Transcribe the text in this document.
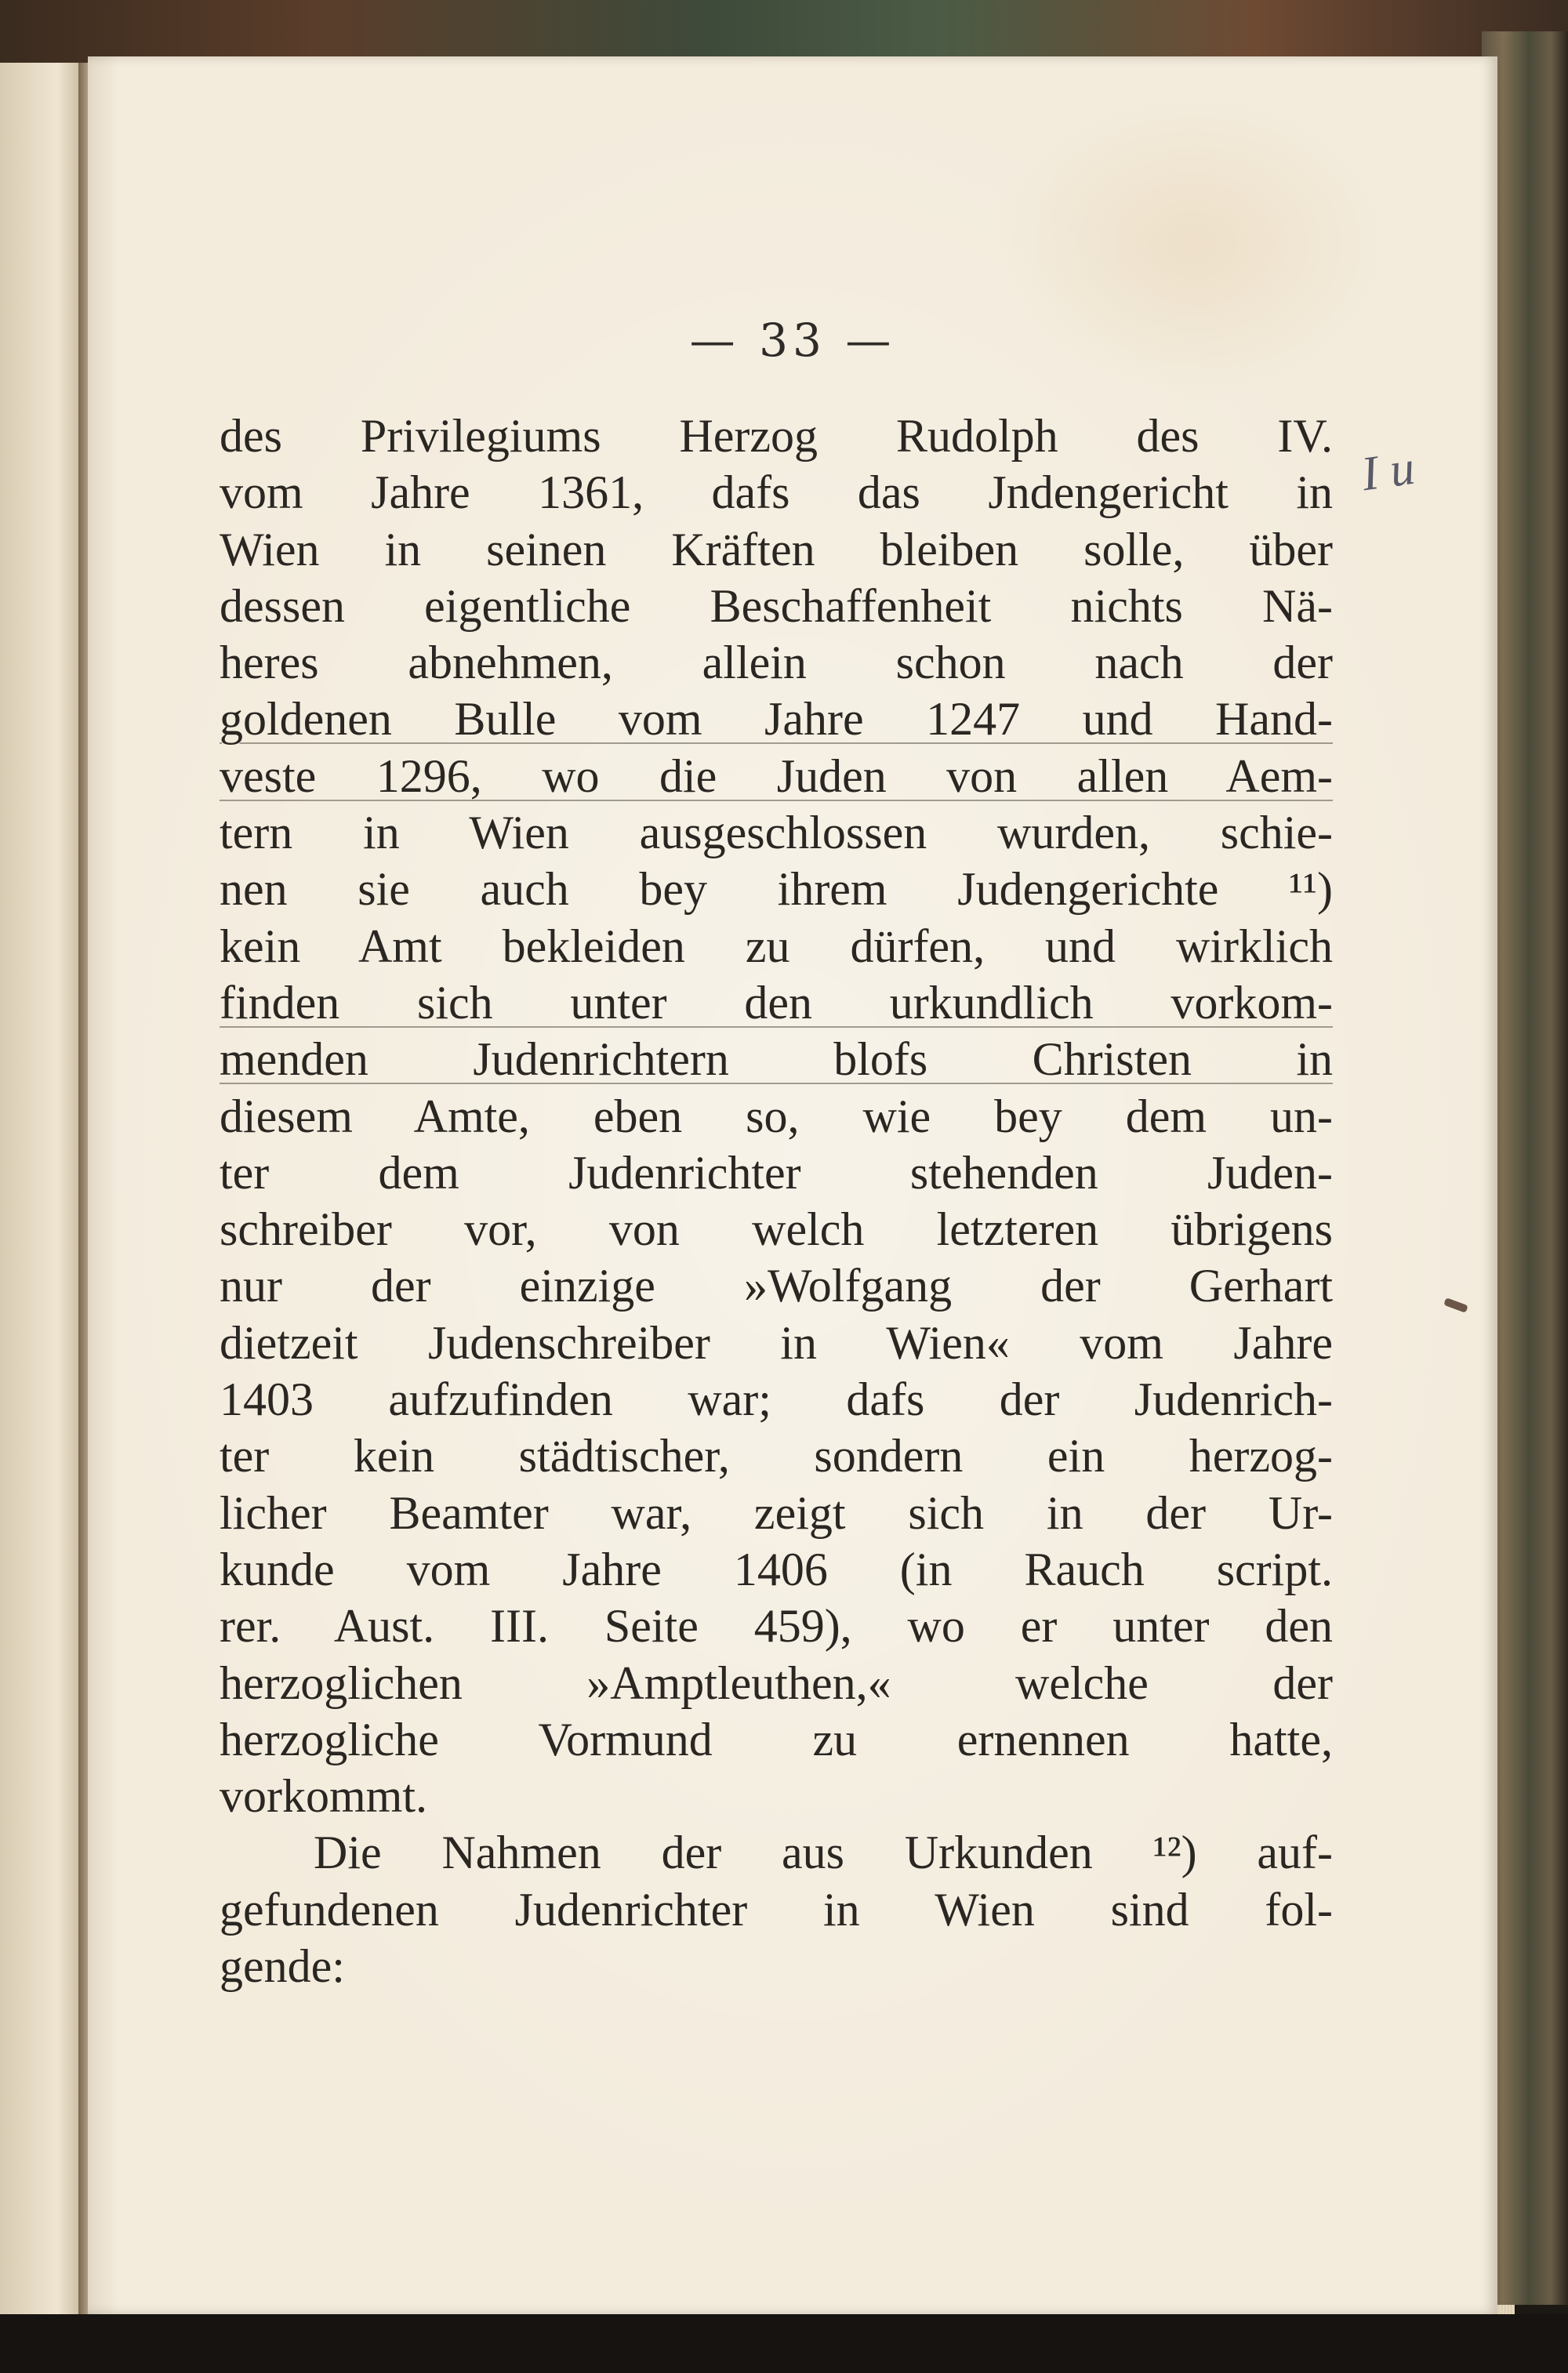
— 33 —
I u
des Privilegiums Herzog Rudolph des IV.
vom Jahre 1361, dafs das Jndengericht in
Wien in seinen Kräften bleiben solle, über
dessen eigentliche Beschaffenheit nichts Nä-
heres abnehmen, allein schon nach der
goldenen Bulle vom Jahre 1247 und Hand-
veste 1296, wo die Juden von allen Aem-
tern in Wien ausgeschlossen wurden, schie-
nen sie auch bey ihrem Judengerichte ¹¹)
kein Amt bekleiden zu dürfen, und wirklich
finden sich unter den urkundlich vorkom-
menden Judenrichtern blofs Christen in
diesem Amte, eben so, wie bey dem un-
ter dem Judenrichter stehenden Juden-
schreiber vor, von welch letzteren übrigens
nur der einzige »Wolfgang der Gerhart
dietzeit Judenschreiber in Wien« vom Jahre
1403 aufzufinden war; dafs der Judenrich-
ter kein städtischer, sondern ein herzog-
licher Beamter war, zeigt sich in der Ur-
kunde vom Jahre 1406 (in Rauch script.
rer. Aust. III. Seite 459), wo er unter den
herzoglichen »Amptleuthen,« welche der
herzogliche Vormund zu ernennen hatte,
vorkommt.
Die Nahmen der aus Urkunden ¹²) auf-
gefundenen Judenrichter in Wien sind fol-
gende:
